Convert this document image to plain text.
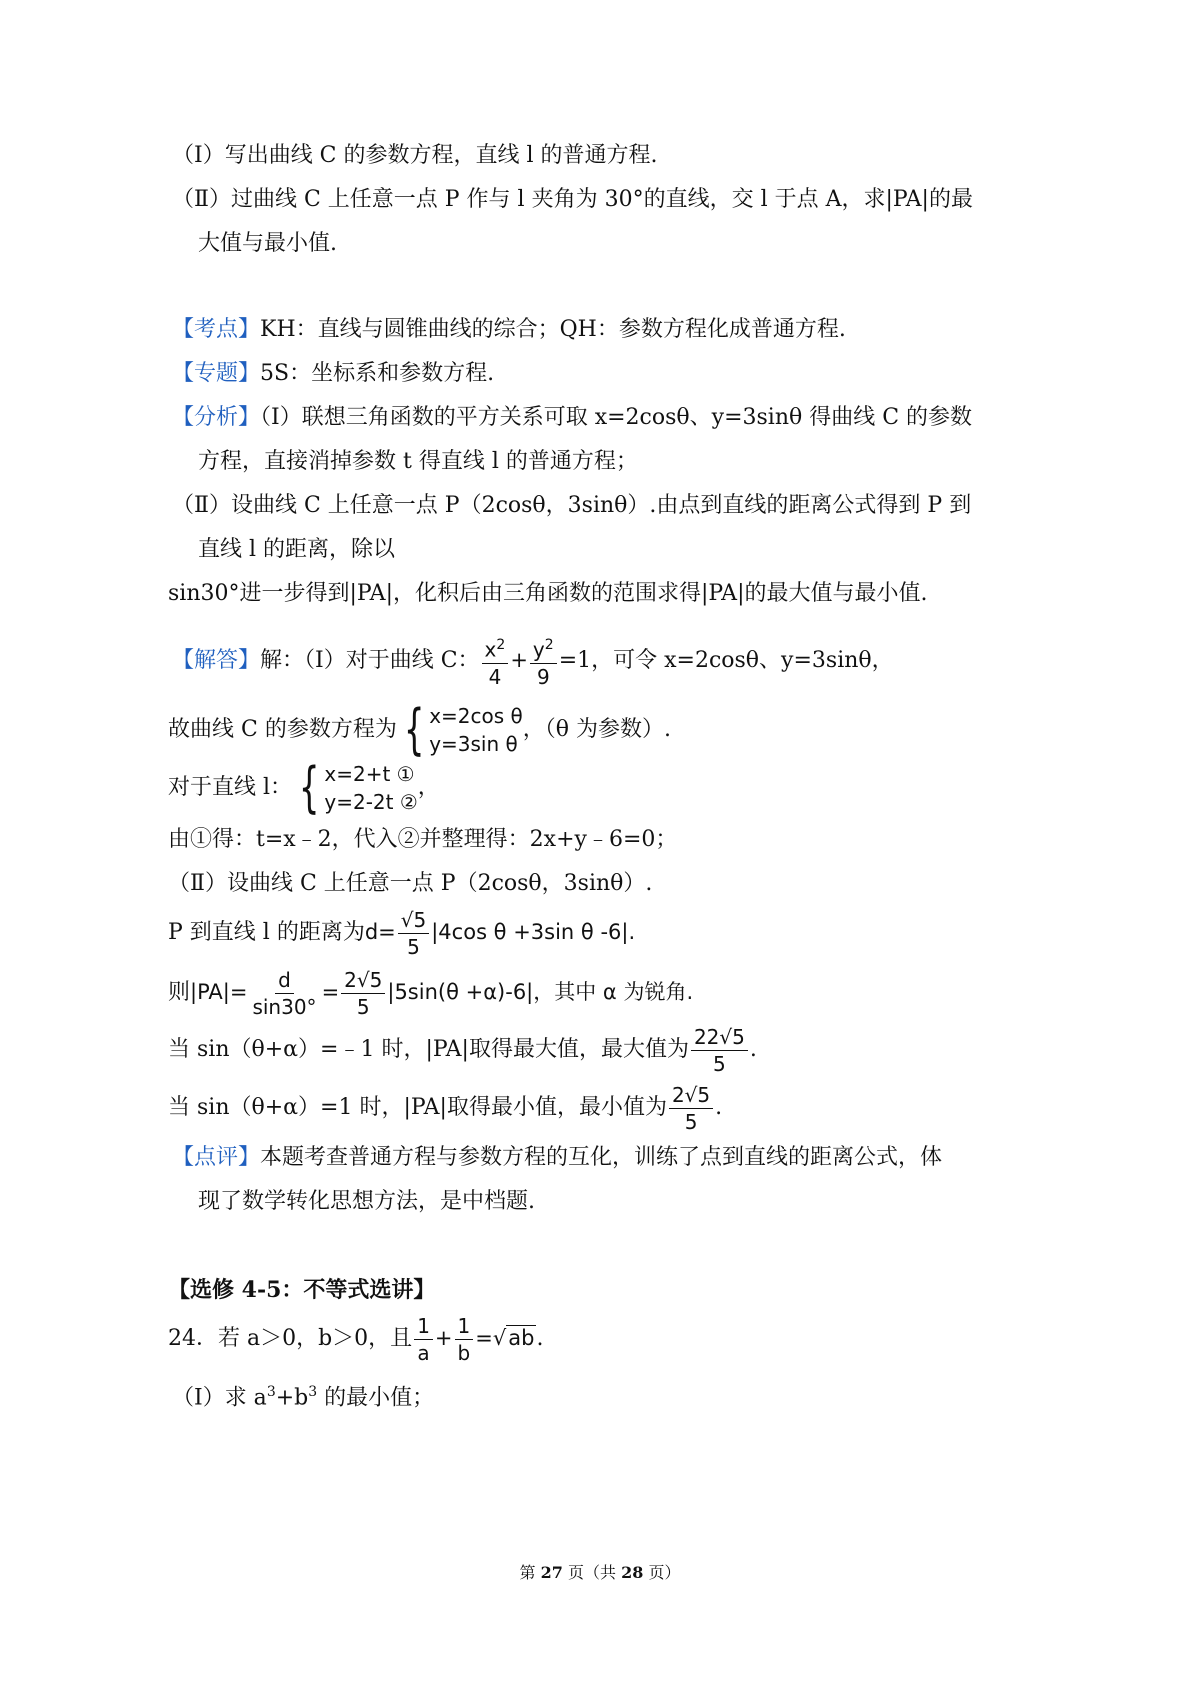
（Ⅰ）写出曲线 C 的参数方程，直线 l 的普通方程.
（Ⅱ）过曲线 C 上任意一点 P 作与 l 夹角为 30°的直线，交 l 于点 A，求|PA|的最
大值与最小值.
【考点】KH：直线与圆锥曲线的综合；QH：参数方程化成普通方程.
【专题】5S：坐标系和参数方程.
【分析】（Ⅰ）联想三角函数的平方关系可取 x=2cosθ、y=3sinθ 得曲线 C 的参数
方程，直接消掉参数 t 得直线 l 的普通方程；
（Ⅱ）设曲线 C 上任意一点 P（2cosθ，3sinθ）.由点到直线的距离公式得到 P 到
直线 l 的距离，除以
sin30°进一步得到|PA|，化积后由三角函数的范围求得|PA|的最大值与最小值.
【解答】解：（Ⅰ）对于曲线 C： $\frac{x^2}{4} + \frac{y^2}{9} =1$，可令 x=2cosθ、y=3sinθ，
故曲线 C 的参数方程为 { x=2cos θ
y=3sin θ
，（θ 为参数）.
对于直线 l： { x=2+t ①
y=2-2t ②
，
由①得：t=x﹣2，代入②并整理得：2x+y﹣6=0；
（Ⅱ）设曲线 C 上任意一点 P（2cosθ，3sinθ）.
P 到直线 l 的距离为$d= \frac{√5}{5} |4\cos$ θ +3sin θ -6|.
则$|PA|= \frac{d}{\sin 30^\circ} = \frac{2√5}{5} |5\sin(\theta +\alpha)-6|$，其中 α 为锐角.
当 sin（θ+α）=﹣1 时，|PA|取得最大值，最大值为 $\frac{22√5}{5}$ .
当 sin（θ+α）=1 时，|PA|取得最小值，最小值为 $\frac{2√5}{5}$ .
【点评】本题考查普通方程与参数方程的互化，训练了点到直线的距离公式，体
现了数学转化思想方法，是中档题.
【选修 4-5：不等式选讲】
24．若 a＞0，b＞0，且 $\frac{1}{a} + \frac{1}{b} =√ab$.
（Ⅰ）求 $a^3+b^3$ 的最小值；
第 27 页（共 28 页）
